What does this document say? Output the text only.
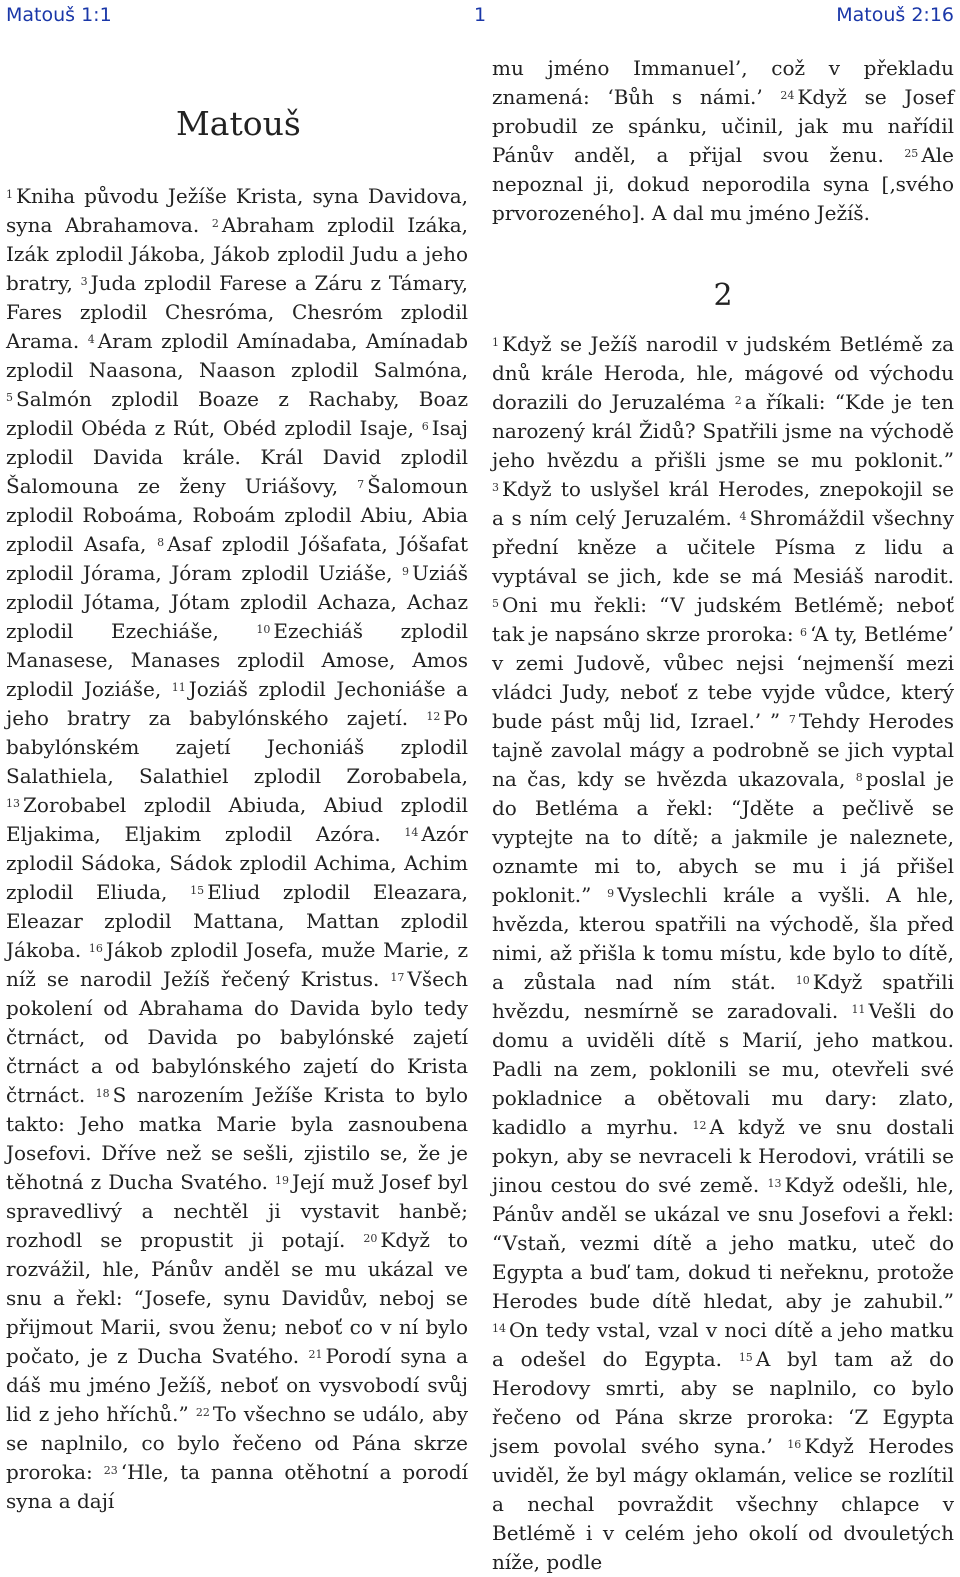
Matouš 1:1	1	Matouš 2:16
Matouš

$^1$ Kniha původu Ježíše Krista, syna Davidova, syna Abrahamova. $^2$ Abraham zplodil Izáka, Izák zplodil Jákoba, Jákob zplodil Judu a jeho bratry, $^3$ Juda zplodil Farese a Záru z Támary, Fares zplodil Chesróma, Chesróm zplodil Arama. $^4$ Aram zplodil Amínadaba, Amínadab zplodil Naasona, Naason zplodil Salmóna, $^5$ Salmón zplodil Boaze z Rachaby, Boaz zplodil Obéda z Rút, Obéd zplodil Isaje, $^6$ Isaj zplodil Davida krále. Král David zplodil Šalomouna ze ženy Uriášovy, $^7$ Šalomoun zplodil Roboáma, Roboám zplodil Abiu, Abia zplodil Asafa, $^8$ Asaf zplodil Jóšafata, Jóšafat zplodil Jórama, Jóram zplodil Uziáše, $^9$ Uziáš zplodil Jótama, Jótam zplodil Achaza, Achaz zplodil Ezechiáše,	$^{10}$ Ezechiáš zplodil Manasese, Manases zplodil Amose, Amos zplodil Joziáše, $^{11}$ Joziáš zplodil Jechoniáše a jeho bratry za babylónského zajetí. $^{12}$ Po babylónském zajetí Jechoniáš zplodil Salathiela, Salathiel zplodil Zorobabela, $^{13}$ Zorobabel zplodil Abiuda, Abiud zplodil Eljakima, Eljakim zplodil Azóra. $^{14}$ Azór zplodil Sádoka, Sádok zplodil Achima, Achim zplodil Eliuda, $^{15}$ Eliud zplodil Eleazara, Eleazar zplodil Mattana, Mattan zplodil Jákoba. $^{16}$ Jákob zplodil Josefa, muže Marie, z níž se narodil Ježíš řečený Kristus. $^{17}$ Všech pokolení od Abrahama do Davida bylo tedy čtrnáct, od Davida po babylónské zajetí čtrnáct a od babylónského zajetí do Krista čtrnáct. $^{18}$ S narozením Ježíše Krista to bylo takto: Jeho matka Marie byla zasnoubena Josefovi. Dříve než se sešli, zjistilo se, že je těhotná z Ducha Svatého. $^{19}$ Její muž Josef byl spravedlivý a nechtěl ji vystavit hanbě; rozhodl se propustit ji potají. $^{20}$ Když to rozvážil, hle, Pánův anděl se mu ukázal ve snu a řekl: “Josefe, synu Davidův, neboj se přijmout Marii, svou ženu; neboť co v ní bylo počato, je z Ducha Svatého. $^{21}$ Porodí syna a dáš mu jméno Ježíš, neboť on vysvobodí svůj lid z jeho hříchů.” $^{22}$ To všechno se událo, aby se naplnilo, co bylo řečeno od Pána skrze proroka: $^{23}$ ‘Hle, ta panna otěhotní a porodí syna a dají

mu jméno Immanuel’, což v překladu znamená: ‘Bůh s námi.’ $^{24}$ Když se Josef probudil ze spánku, učinil, jak mu nařídil Pánův anděl, a přijal svou ženu. $^{25}$ Ale nepoznal ji, dokud neporodila syna [‚svého prvorozeného]. A dal mu jméno Ježíš.

2

$^1$ Když se Ježíš narodil v judském Betlémě za dnů krále Heroda, hle, mágové od východu dorazili do Jeruzaléma $^2$ a říkali: “Kde je ten narozený král Židů? Spatřili jsme na východě jeho hvězdu a přišli jsme se mu poklonit.” $^3$ Když to uslyšel král Herodes, znepokojil se a s ním celý Jeruzalém. $^4$ Shromáždil všechny přední kněze a učitele Písma z lidu a vyptával se jich, kde se má Mesiáš narodit. $^5$ Oni mu řekli: “V judském Betlémě; neboť tak je napsáno skrze proroka: $^6$ ‘A ty, Betléme’ v zemi Judově, vůbec nejsi ‘nejmenší mezi vládci Judy, neboť z tebe vyjde vůdce, který bude pást můj lid, Izrael.’ ” $^7$ Tehdy Herodes tajně zavolal mágy a podrobně se jich vyptal na čas, kdy se hvězda ukazovala, $^8$ poslal je do Betléma a řekl: “Jděte a pečlivě se vyptejte na to dítě; a jakmile je naleznete, oznamte mi to, abych se mu i já přišel poklonit.” $^9$ Vyslechli krále a vyšli. A hle, hvězda, kterou spatřili na východě, šla před nimi, až přišla k tomu místu, kde bylo to dítě, a zůstala nad ním stát. $^{10}$ Když spatřili hvězdu, nesmírně se zaradovali. $^{11}$ Vešli do domu a uviděli dítě s Marií, jeho matkou. Padli na zem, poklonili se mu, otevřeli své pokladnice a obětovali mu dary: zlato, kadidlo a myrhu. $^{12}$ A když ve snu dostali pokyn, aby se nevraceli k Herodovi, vrátili se jinou cestou do své země. $^{13}$ Když odešli, hle, Pánův anděl se ukázal ve snu Josefovi a řekl: “Vstaň, vezmi dítě a jeho matku, uteč do Egypta a buď tam, dokud ti neřeknu, protože Herodes bude dítě hledat, aby je zahubil.” $^{14}$ On tedy vstal, vzal v noci dítě a jeho matku a odešel do Egypta. $^{15}$ A byl tam až do Herodovy smrti, aby se naplnilo, co bylo řečeno od Pána skrze proroka: ‘Z Egypta jsem povolal svého syna.’ $^{16}$ Když Herodes uviděl, že byl mágy oklamán, velice se rozlítil a nechal povraždit všechny chlapce v Betlémě i v celém jeho okolí od dvouletých níže, podle
